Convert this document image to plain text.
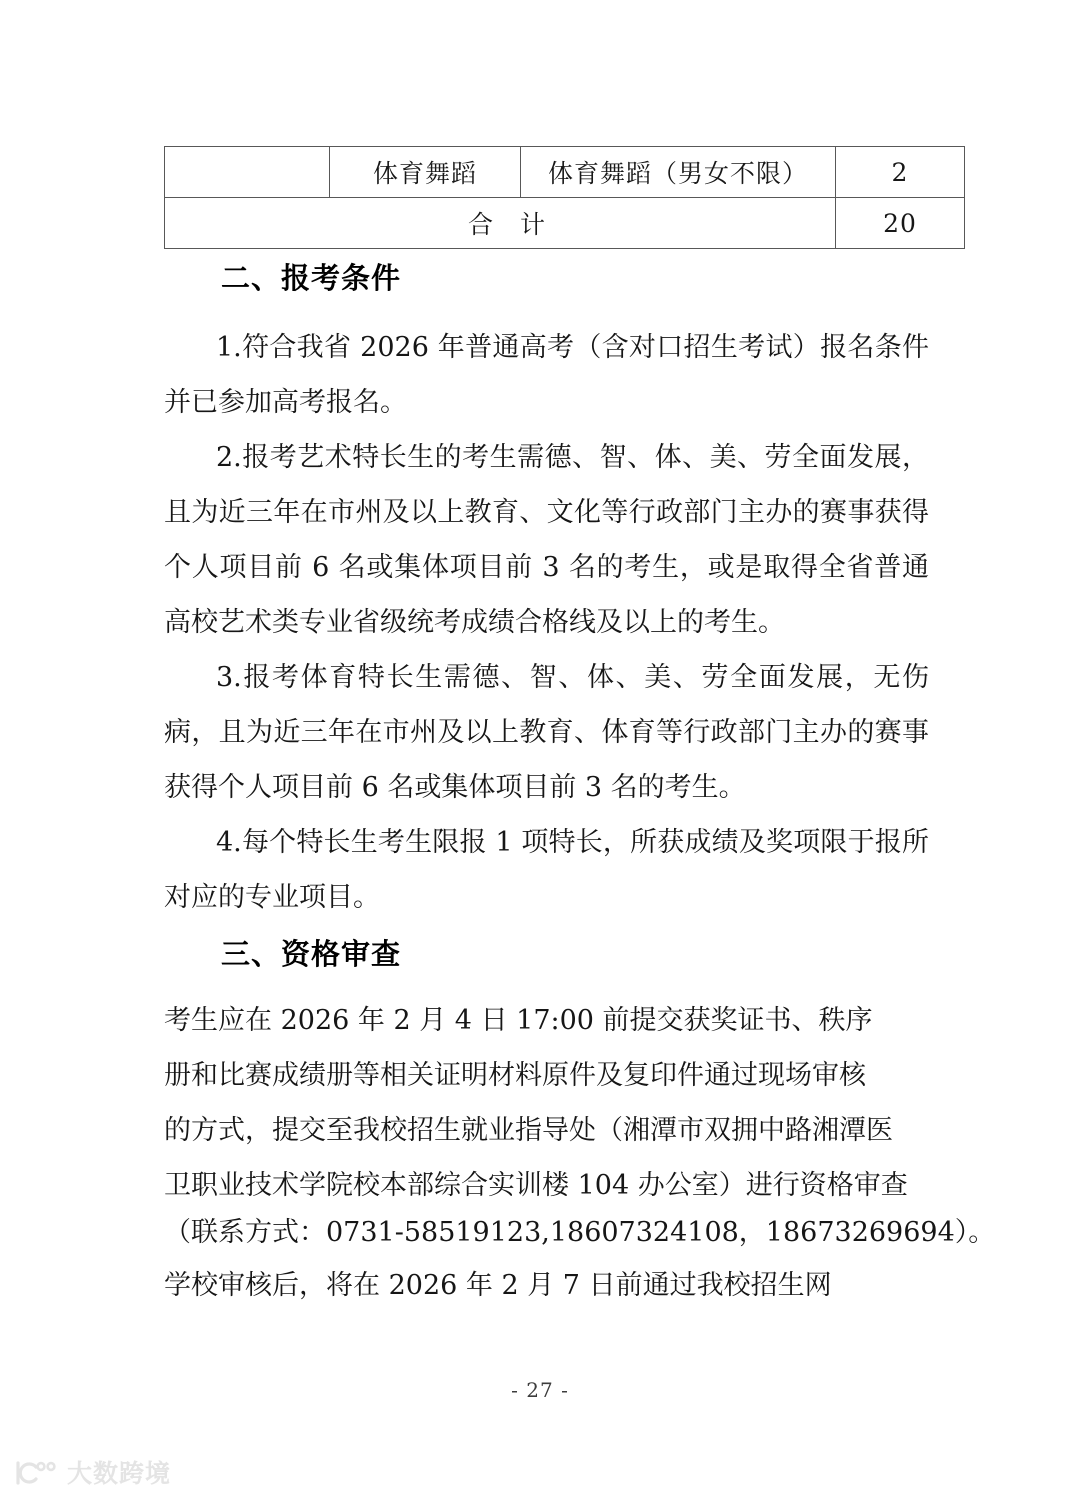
	体育舞蹈	体育舞蹈（男女不限）	2
合　计			20
二、报考条件
1.符合我省 2026 年普通高考（含对口招生考试）报名条件并已参加高考报名。
2.报考艺术特长生的考生需德、智、体、美、劳全面发展，且为近三年在市州及以上教育、文化等行政部门主办的赛事获得个人项目前 6 名或集体项目前 3 名的考生，或是取得全省普通高校艺术类专业省级统考成绩合格线及以上的考生。
3.报考体育特长生需德、智、体、美、劳全面发展，无伤病，且为近三年在市州及以上教育、体育等行政部门主办的赛事获得个人项目前 6 名或集体项目前 3 名的考生。
4.每个特长生考生限报 1 项特长，所获成绩及奖项限于报所对应的专业项目。
三、资格审查
考生应在 2026 年 2 月 4 日 17:00 前提交获奖证书、秩序
册和比赛成绩册等相关证明材料原件及复印件通过现场审核
的方式，提交至我校招生就业指导处（湘潭市双拥中路湘潭医
卫职业技术学院校本部综合实训楼 104 办公室）进行资格审查
（联系方式：0731-58519123,18607324108，18673269694）。
学校审核后，将在 2026 年 2 月 7 日前通过我校招生网
- 27 -
大数跨境
